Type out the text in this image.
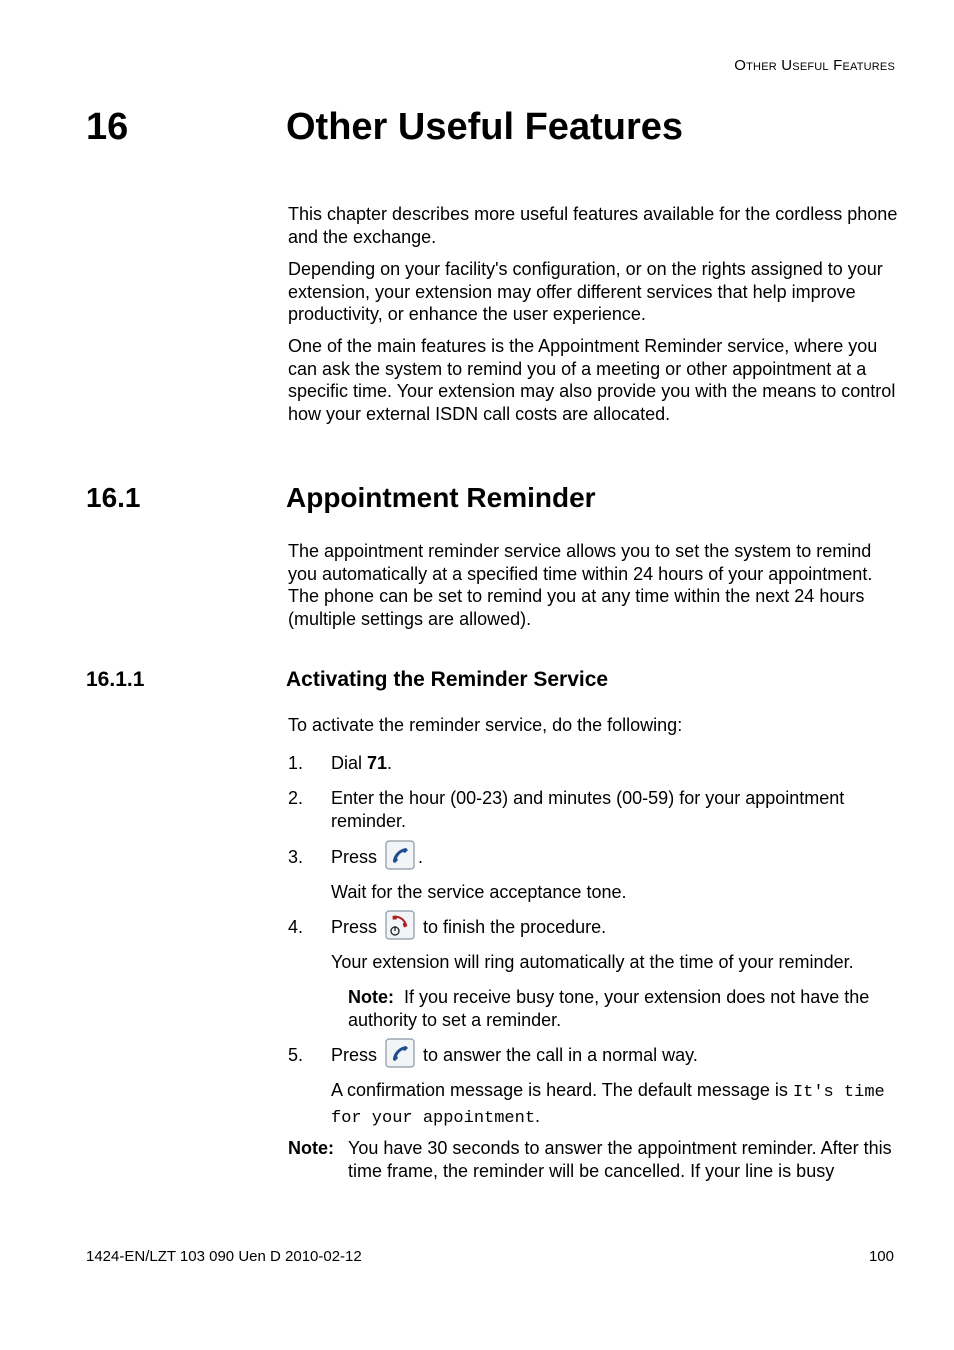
Other Useful Features
16	Other Useful Features

This chapter describes more useful features available for the cordless phone and the exchange.

Depending on your facility's configuration, or on the rights assigned to your extension, your extension may offer different services that help improve productivity, or enhance the user experience.

One of the main features is the Appointment Reminder service, where you can ask the system to remind you of a meeting or other appointment at a specific time. Your extension may also provide you with the means to control how your external ISDN call costs are allocated.

16.1	Appointment Reminder

The appointment reminder service allows you to set the system to remind you automatically at a specified time within 24 hours of your appointment. The phone can be set to remind you at any time within the next 24 hours (multiple settings are allowed).

16.1.1	Activating the Reminder Service

To activate the reminder service, do the following:

1. Dial 71.
2. Enter the hour (00-23) and minutes (00-59) for your appointment reminder.
3. Press .
Wait for the service acceptance tone.
4. Press	to finish the procedure.
Your extension will ring automatically at the time of your reminder.
Note: If you receive busy tone, your extension does not have the authority to set a reminder.
5. Press	to answer the call in a normal way.
A confirmation message is heard. The default message is It's time for your appointment.
Note: You have 30 seconds to answer the appointment reminder. After this time frame, the reminder will be cancelled. If your line is busy
1424-EN/LZT 103 090 Uen D 2010-02-12	100
